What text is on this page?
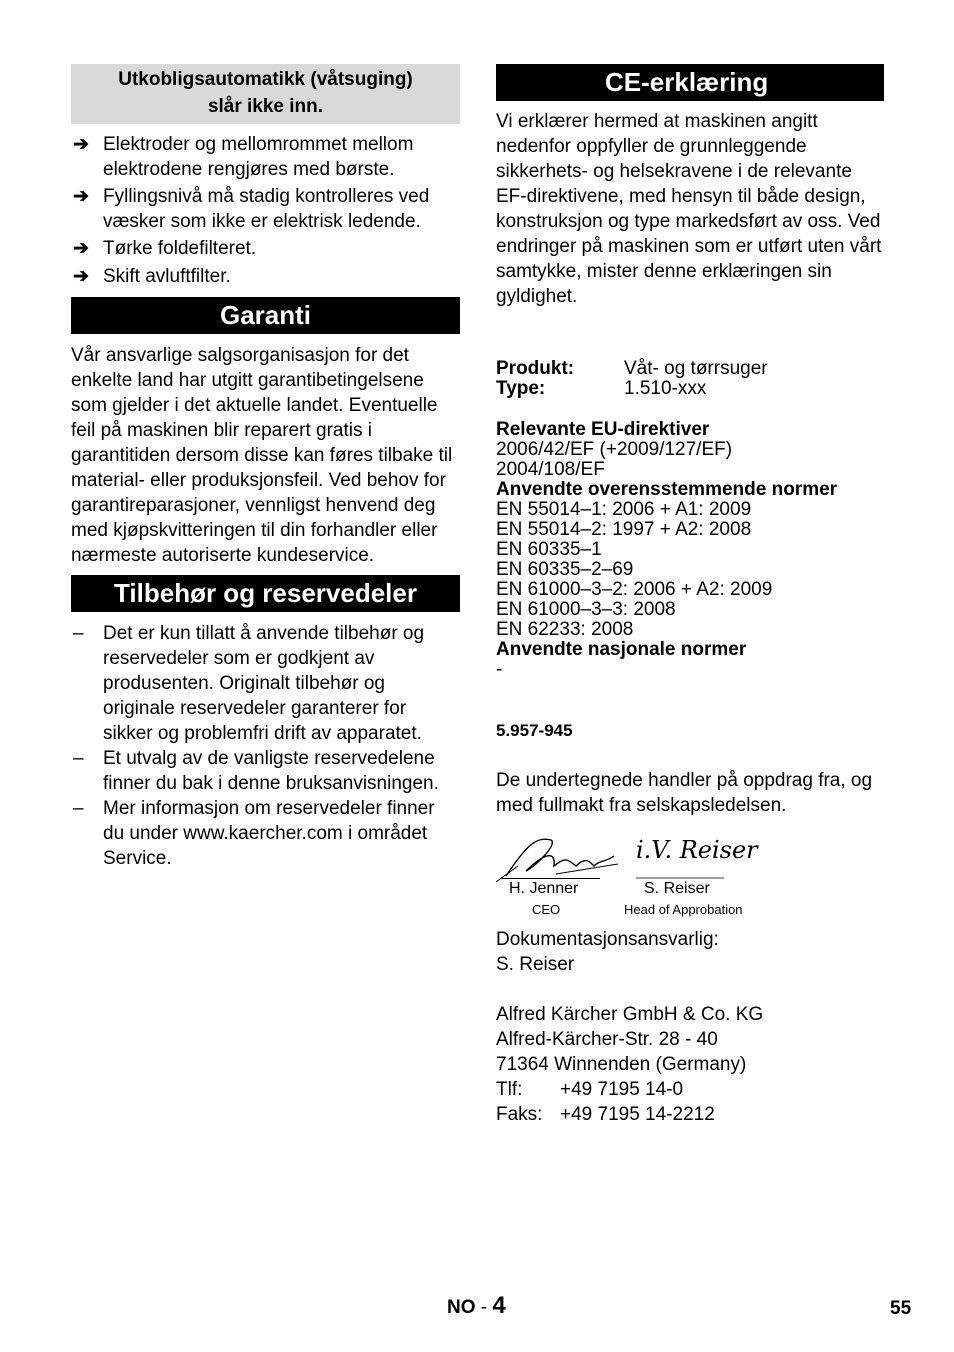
Utkobligsautomatikk (våtsuging)
slår ikke inn.
➔ Elektroder og mellomrommet mellom elektrodene rengjøres med børste.
➔ Fyllingsnivå må stadig kontrolleres ved væsker som ikke er elektrisk ledende.
➔ Tørke foldefilteret.
➔ Skift avluftfilter.
Garanti

Vår ansvarlige salgsorganisasjon for det enkelte land har utgitt garantibetingelsene som gjelder i det aktuelle landet. Eventuelle feil på maskinen blir reparert gratis i garantitiden dersom disse kan føres tilbake til material- eller produksjonsfeil. Ved behov for garantireparasjoner, vennligst henvend deg med kjøpskvitteringen til din forhandler eller nærmeste autoriserte kundeservice.

Tilbehør og reservedeler
– Det er kun tillatt å anvende tilbehør og reservedeler som er godkjent av produsenten. Originalt tilbehør og originale reservedeler garanterer for sikker og problemfri drift av apparatet.
– Et utvalg av de vanligste reservedelene finner du bak i denne bruksanvisningen.
– Mer informasjon om reservedeler finner du under www.kaercher.com i området Service.
CE-erklæring

Vi erklærer hermed at maskinen angitt nedenfor oppfyller de grunnleggende sikkerhets- og helsekravene i de relevante EF-direktivene, med hensyn til både design, konstruksjon og type markedsført av oss. Ved endringer på maskinen som er utført uten vårt samtykke, mister denne erklæringen sin gyldighet.

Produkt:	Våt- og tørrsuger
Type:	1.510-xxx
Relevante EU-direktiver
2006/42/EF (+2009/127/EF)
2004/108/EF
Anvendte overensstemmende normer
EN 55014–1: 2006 + A1: 2009
EN 55014–2: 1997 + A2: 2008
EN 60335–1
EN 60335–2–69
EN 61000–3–2: 2006 + A2: 2009
EN 61000–3–3: 2008
EN 62233: 2008
Anvendte nasjonale normer
-
5.957-945

De undertegnede handler på oppdrag fra, og med fullmakt fra selskapsledelsen.

i.V. Reiser
H. Jenner
CEO
S. Reiser
Head of Approbation
Dokumentasjonsansvarlig:
S. Reiser
Alfred Kärcher GmbH & Co. KG
Alfred-Kärcher-Str. 28 - 40
71364 Winnenden (Germany)
Tlf: +49 7195 14-0
Faks: +49 7195 14-2212
NO - 4	55
